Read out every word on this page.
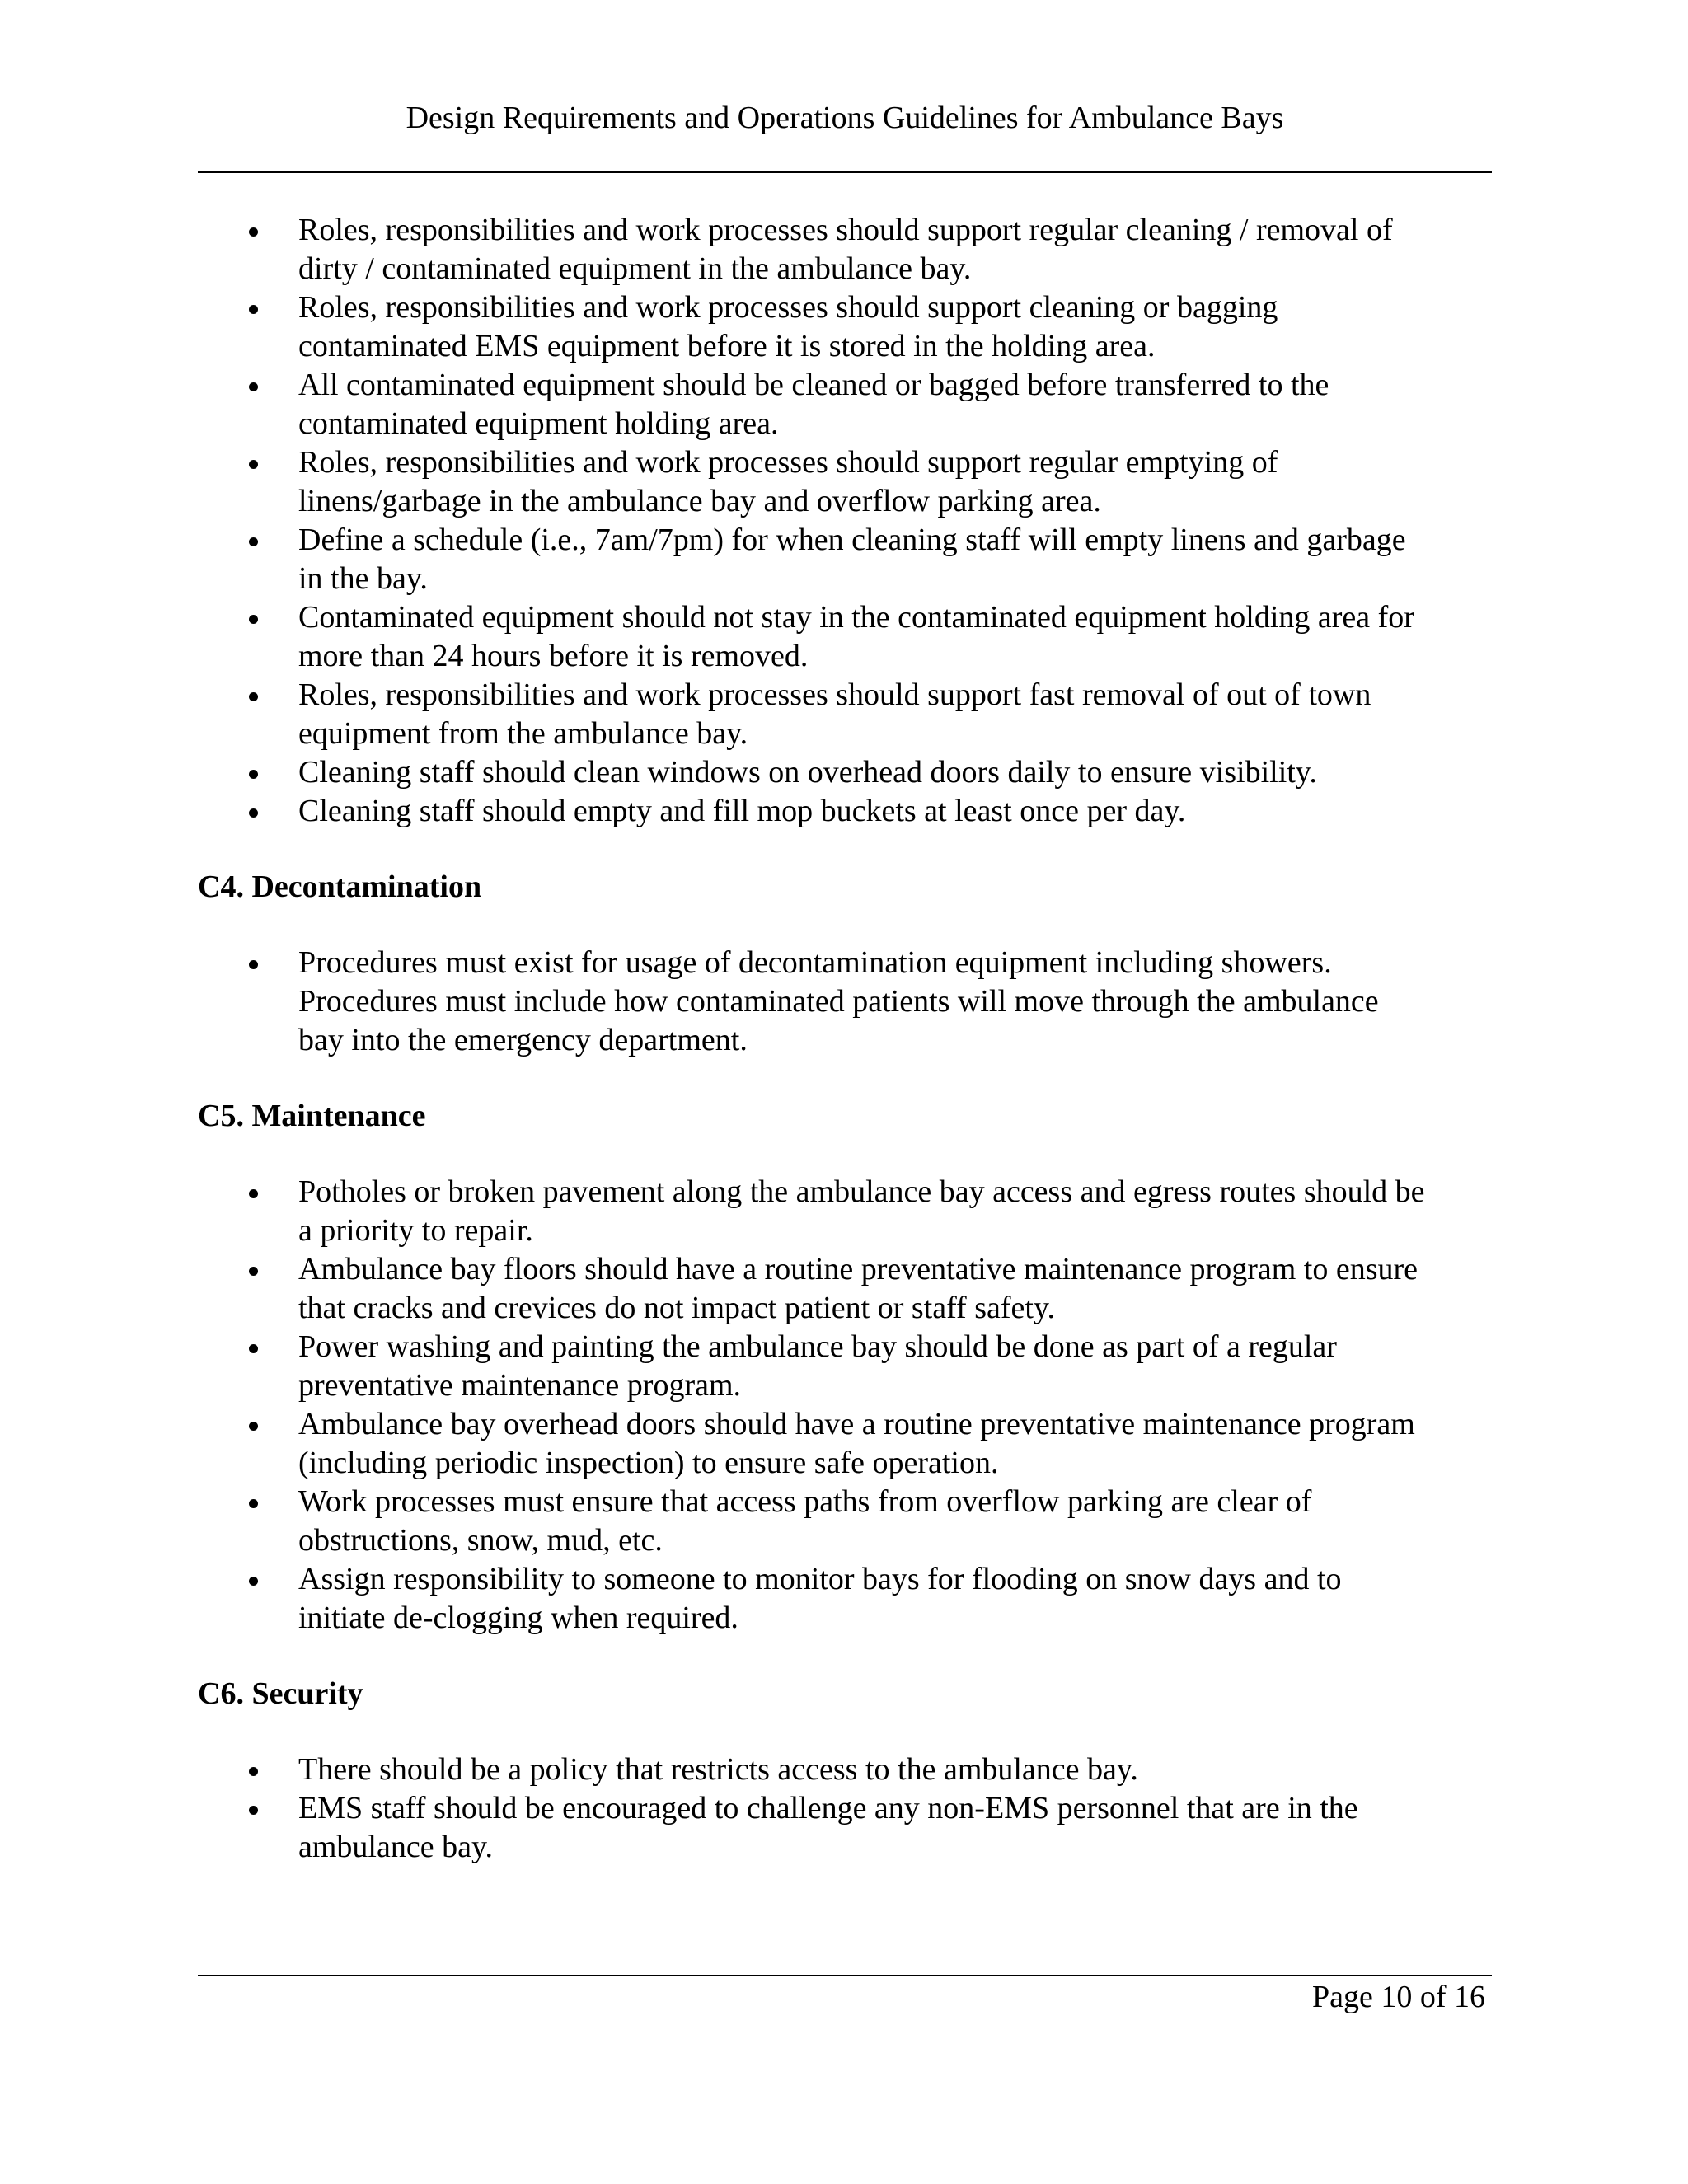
Design Requirements and Operations Guidelines for Ambulance Bays
Roles, responsibilities and work processes should support regular cleaning / removal of
dirty / contaminated equipment in the ambulance bay.
Roles, responsibilities and work processes should support cleaning or bagging
contaminated EMS equipment before it is stored in the holding area.
All contaminated equipment should be cleaned or bagged before transferred to the
contaminated equipment holding area.
Roles, responsibilities and work processes should support regular emptying of
linens/garbage in the ambulance bay and overflow parking area.
Define a schedule (i.e., 7am/7pm) for when cleaning staff will empty linens and garbage
in the bay.
Contaminated equipment should not stay in the contaminated equipment holding area for
more than 24 hours before it is removed.
Roles, responsibilities and work processes should support fast removal of out of town
equipment from the ambulance bay.
Cleaning staff should clean windows on overhead doors daily to ensure visibility.
Cleaning staff should empty and fill mop buckets at least once per day.
C4. Decontamination
Procedures must exist for usage of decontamination equipment including showers.
Procedures must include how contaminated patients will move through the ambulance
bay into the emergency department.
C5. Maintenance
Potholes or broken pavement along the ambulance bay access and egress routes should be
a priority to repair.
Ambulance bay floors should have a routine preventative maintenance program to ensure
that cracks and crevices do not impact patient or staff safety.
Power washing and painting the ambulance bay should be done as part of a regular
preventative maintenance program.
Ambulance bay overhead doors should have a routine preventative maintenance program
(including periodic inspection) to ensure safe operation.
Work processes must ensure that access paths from overflow parking are clear of
obstructions, snow, mud, etc.
Assign responsibility to someone to monitor bays for flooding on snow days and to
initiate de-clogging when required.
C6. Security
There should be a policy that restricts access to the ambulance bay.
EMS staff should be encouraged to challenge any non-EMS personnel that are in the
ambulance bay.
Page 10 of 16
